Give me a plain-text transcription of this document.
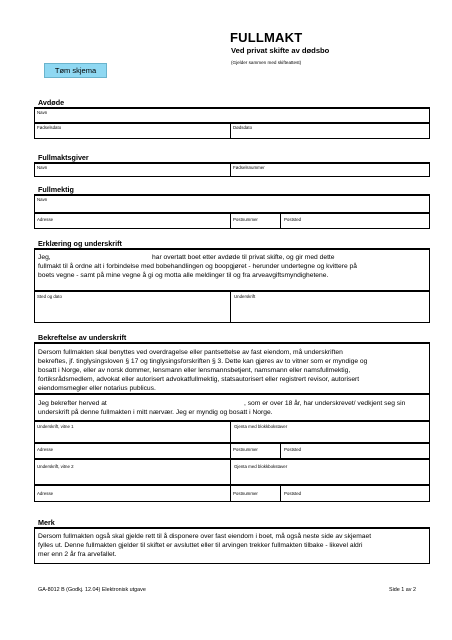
FULLMAKT
Ved privat skifte av dødsbo
(Gjelder sammen med skifteattest)
Tøm skjema
Avdøde
Navn
Fødselsdato	Dødsdato
Fullmaktsgiver
Navn	Fødselsnummer
Fullmektig
Navn
Adresse	Postnummer	Poststed
Erklæring og underskrift
Jeg,	har overtatt boet etter avdøde til privat skifte, og gir med dette
fullmakt til å ordne alt i forbindelse med bobehandlingen og boopgjøret - herunder undertegne og kvittere på
boets vegne - samt på mine vegne å gi og motta alle meldinger til og fra arveavgiftsmyndighetene.
Sted og dato	Underskrift
Bekreftelse av underskrift
Dersom fullmakten skal benyttes ved overdragelse eller pantsettelse av fast eiendom, må underskriften
bekreftes, jf. tinglysingsloven § 17 og tinglysingsforskriften § 3. Dette kan gjøres av to vitner som er myndige og
bosatt i Norge, eller av norsk dommer, lensmann eller lensmannsbetjent, namsmann eller namsfullmektig,
fortiksrådsmedlem, advokat eller autorisert advokatfullmektig, statsautorisert eller registrert revisor, autorisert
eiendomsmegler eller notarius publicus.
Jeg bekrefter herved at	, som er over 18 år, har underskrevet/ vedkjent seg sin
underskrift på denne fullmakten i mitt nærvær. Jeg er myndig og bosatt i Norge.
Underskrift, vitne 1	Gjenta med blokkbokstaver
Adresse	Postnummer	Poststed
Underskrift, vitne 2	Gjenta med blokkbokstaver
Adresse	Postnummer	Poststed
Merk
Dersom fullmakten også skal gjelde rett til å disponere over fast eiendom i boet, må også neste side av skjemaet
fylles ut. Denne fullmakten gjelder til skiftet er avsluttet eller til arvingen trekker fullmakten tilbake - likevel aldri
mer enn 2 år fra arvefallet.
GA-8012 B (Godkj. 12.04) Elektronisk utgave	Side 1 av 2
